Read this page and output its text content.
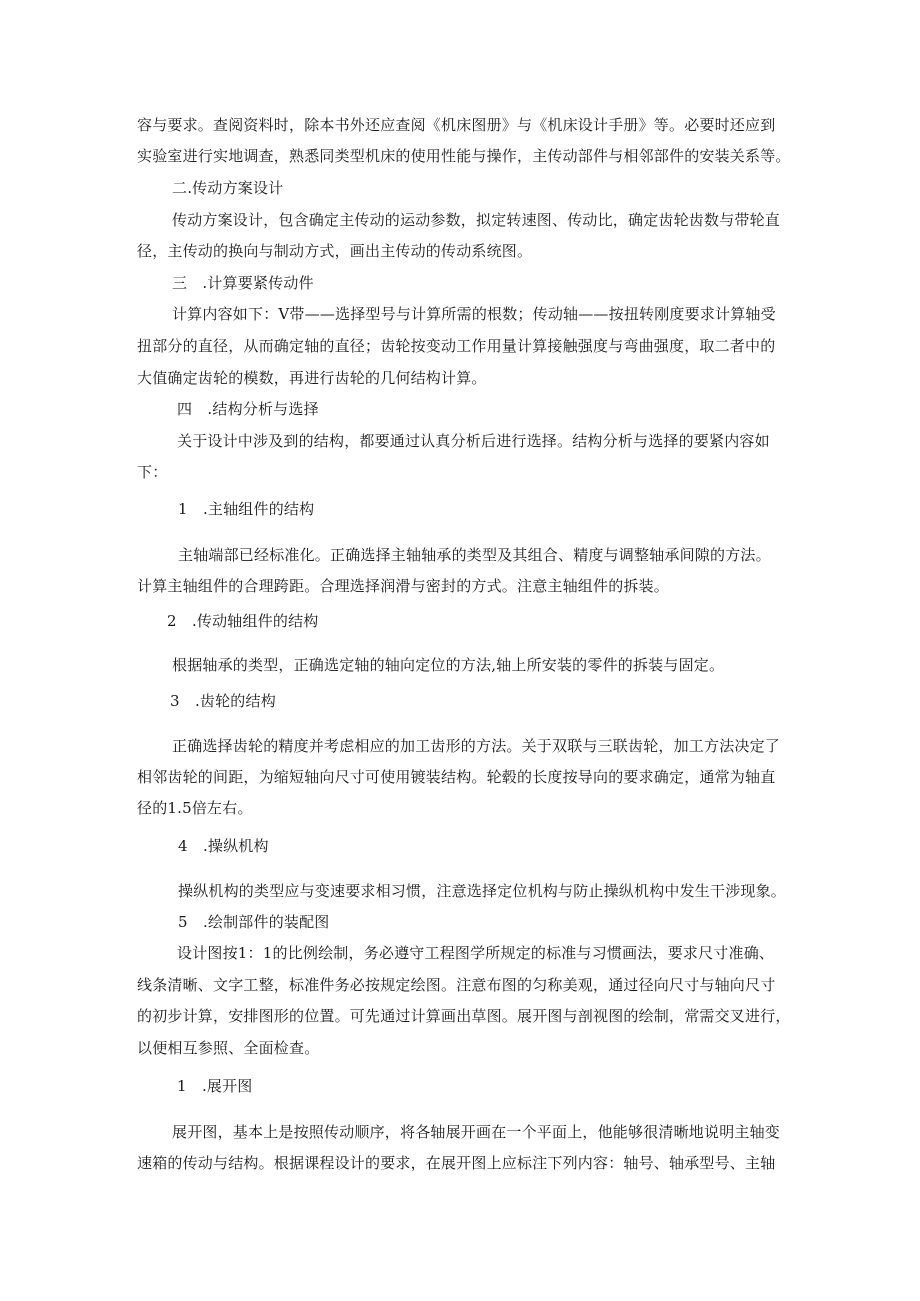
容与要求。查阅资料时，除本书外还应查阅《机床图册》与《机床设计手册》等。必要时还应到
实验室进行实地调查，熟悉同类型机床的使用性能与操作，主传动部件与相邻部件的安装关系等。
二.传动方案设计
传动方案设计，包含确定主传动的运动参数，拟定转速图、传动比，确定齿轮齿数与带轮直
径，主传动的换向与制动方式，画出主传动的传动系统图。
三　.计算要紧传动件
计算内容如下：V带——选择型号与计算所需的根数；传动轴——按扭转刚度要求计算轴受
扭部分的直径，从而确定轴的直径；齿轮按变动工作用量计算接触强度与弯曲强度，取二者中的
大值确定齿轮的模数，再进行齿轮的几何结构计算。
四　.结构分析与选择
关于设计中涉及到的结构，都要通过认真分析后进行选择。结构分析与选择的要紧内容如
下：
1　.主轴组件的结构
主轴端部已经标准化。正确选择主轴轴承的类型及其组合、精度与调整轴承间隙的方法。
计算主轴组件的合理跨距。合理选择润滑与密封的方式。注意主轴组件的拆装。
2　.传动轴组件的结构
根据轴承的类型，正确选定轴的轴向定位的方法,轴上所安装的零件的拆装与固定。
3　.齿轮的结构
正确选择齿轮的精度并考虑相应的加工齿形的方法。关于双联与三联齿轮，加工方法决定了
相邻齿轮的间距，为缩短轴向尺寸可使用镀装结构。轮毂的长度按导向的要求确定，通常为轴直
径的1.5倍左右。
4　.操纵机构
操纵机构的类型应与变速要求相习惯，注意选择定位机构与防止操纵机构中发生干涉现象。
5　.绘制部件的装配图
设计图按1：1的比例绘制，务必遵守工程图学所规定的标准与习惯画法，要求尺寸准确、
线条清晰、文字工整，标准件务必按规定绘图。注意布图的匀称美观，通过径向尺寸与轴向尺寸
的初步计算，安排图形的位置。可先通过计算画出草图。展开图与剖视图的绘制，常需交叉进行，
以便相互参照、全面检查。
1　.展开图
展开图，基本上是按照传动顺序，将各轴展开画在一个平面上，他能够很清晰地说明主轴变
速箱的传动与结构。根据课程设计的要求，在展开图上应标注下列内容：轴号、轴承型号、主轴
